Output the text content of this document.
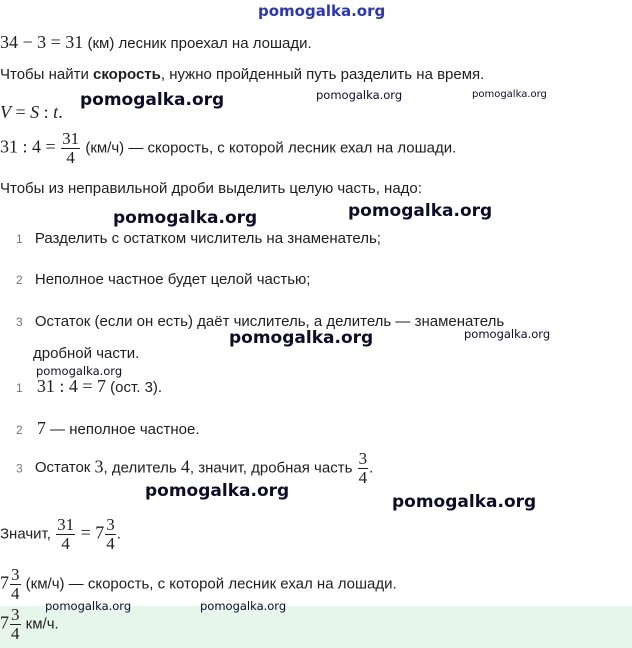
pomogalka.org
34 − 3 = 31 (км) лесник проехал на лошади.
Чтобы найти скорость, нужно пройденный путь разделить на время.
V = S : t.
31 : $4 = \frac{31}{4} (км/ч)$ — скорость, с которой лесник ехал на лошади.
Чтобы из неправильной дроби выделить целую часть, надо:
1 Разделить с остатком числитель на знаменатель;
2 Неполное частное будет целой частью;
3 Остаток (если он есть) даёт числитель, а делитель — знаменатель
дробной части.
1 31 : 4 = 7 (ост. 3).
2 7 — неполное частное.
3 Остаток 3, делитель 4, значит, дробная часть $\frac{3}{4}$ .
Значит, $\frac{31}{4} = 7 \frac{3}{4}$ .
$7 \frac{3}{4} (км/ч)$ — скорость, с которой лесник ехал на лошади.
$7 \frac{3}{4} км/ч$.
pomogalka.org	pomogalka.org	pomogalka.org
pomogalka.org	pomogalka.org
pomogalka.org	pomogalka.org
pomogalka.org
pomogalka.org
pomogalka.org
pomogalka.org	pomogalka.org
